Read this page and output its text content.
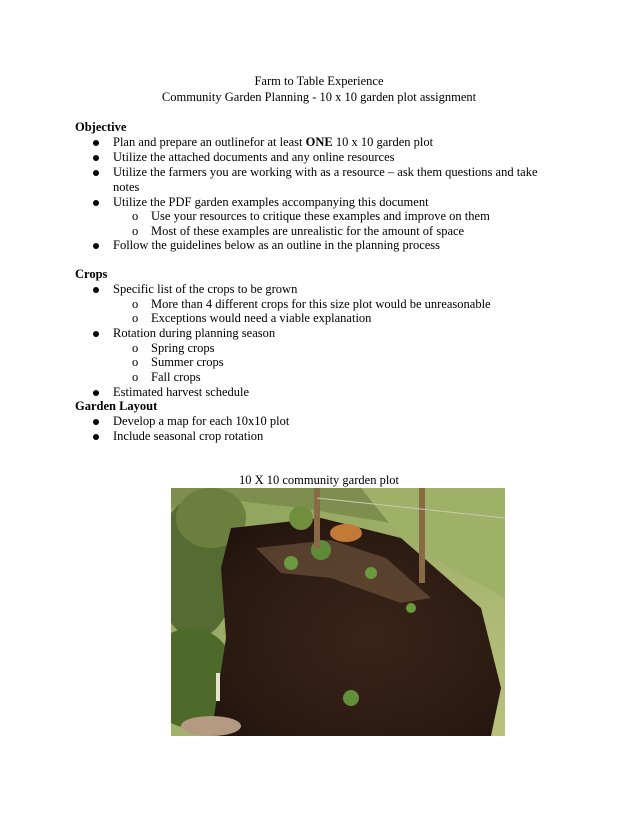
Farm to Table Experience
Community Garden Planning - 10 x 10 garden plot assignment
Objective
Plan and prepare an outlinefor at least ONE 10 x 10 garden plot
Utilize the attached documents and any online resources
Utilize the farmers you are working with as a resource – ask them questions and take notes
Utilize the PDF garden examples accompanying this document
o Use your resources to critique these examples and improve on them
o Most of these examples are unrealistic for the amount of space
Follow the guidelines below as an outline in the planning process
Crops
Specific list of the crops to be grown
o More than 4 different crops for this size plot would be unreasonable
o Exceptions would need a viable explanation
Rotation during planning season
o Spring crops
o Summer crops
o Fall crops
Estimated harvest schedule
Garden Layout
Develop a map for each 10x10 plot
Include seasonal crop rotation
10 X 10 community garden plot
